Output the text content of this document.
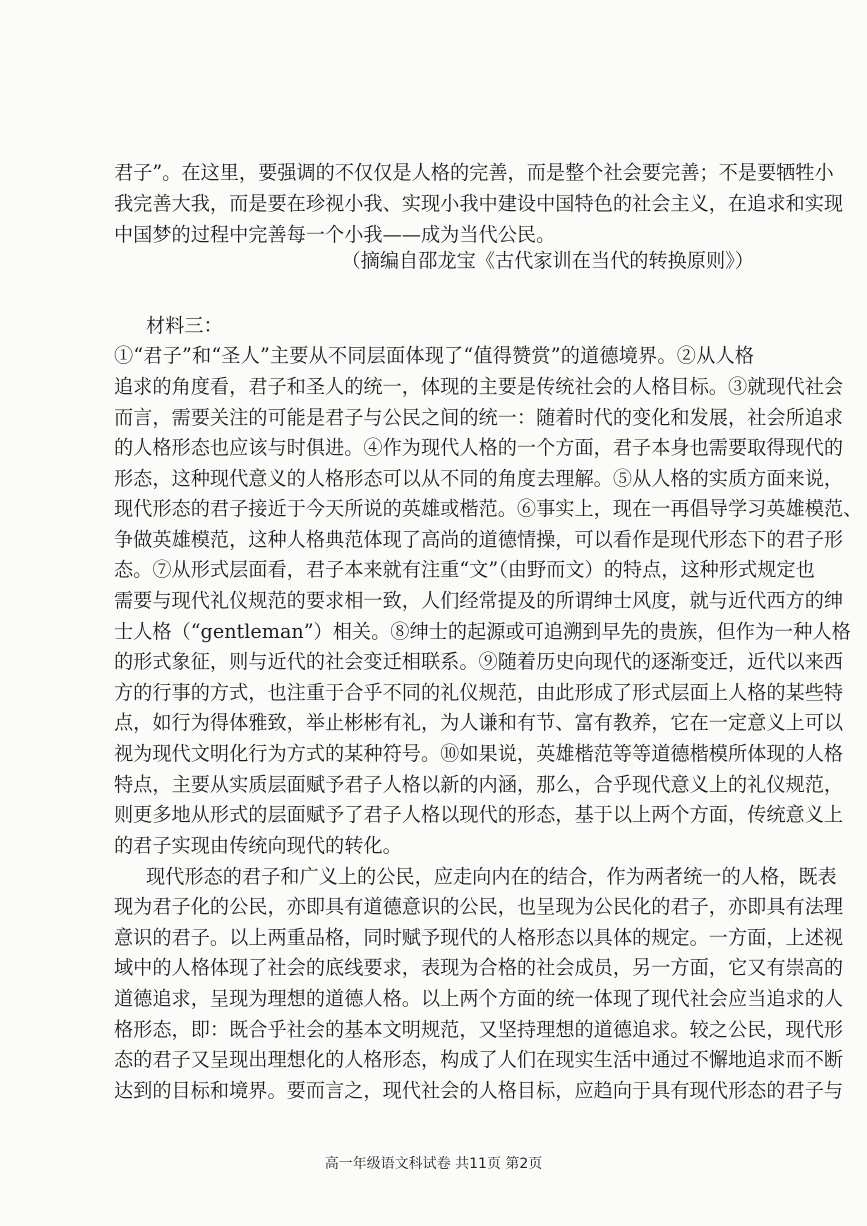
君子”。在这里，要强调的不仅仅是人格的完善，而是整个社会要完善；不是要牺牲小
我完善大我，而是要在珍视小我、实现小我中建设中国特色的社会主义，在追求和实现
中国梦的过程中完善每一个小我——成为当代公民。
（摘编自邵龙宝《古代家训在当代的转换原则》）
材料三：
①“君子”和“圣人”主要从不同层面体现了“值得赞赏”的道德境界。②从人格
追求的角度看，君子和圣人的统一，体现的主要是传统社会的人格目标。③就现代社会
而言，需要关注的可能是君子与公民之间的统一：随着时代的变化和发展，社会所追求
的人格形态也应该与时俱进。④作为现代人格的一个方面，君子本身也需要取得现代的
形态，这种现代意义的人格形态可以从不同的角度去理解。⑤从人格的实质方面来说，
现代形态的君子接近于今天所说的英雄或楷范。⑥事实上，现在一再倡导学习英雄模范、
争做英雄模范，这种人格典范体现了高尚的道德情操，可以看作是现代形态下的君子形
态。⑦从形式层面看，君子本来就有注重“文”（由野而文）的特点，这种形式规定也
需要与现代礼仪规范的要求相一致，人们经常提及的所谓绅士风度，就与近代西方的绅
士人格（“gentleman”）相关。⑧绅士的起源或可追溯到早先的贵族，但作为一种人格
的形式象征，则与近代的社会变迁相联系。⑨随着历史向现代的逐渐变迁，近代以来西
方的行事的方式，也注重于合乎不同的礼仪规范，由此形成了形式层面上人格的某些特
点，如行为得体雅致，举止彬彬有礼，为人谦和有节、富有教养，它在一定意义上可以
视为现代文明化行为方式的某种符号。⑩如果说，英雄楷范等等道德楷模所体现的人格
特点，主要从实质层面赋予君子人格以新的内涵，那么，合乎现代意义上的礼仪规范，
则更多地从形式的层面赋予了君子人格以现代的形态，基于以上两个方面，传统意义上
的君子实现由传统向现代的转化。
现代形态的君子和广义上的公民，应走向内在的结合，作为两者统一的人格，既表
现为君子化的公民，亦即具有道德意识的公民，也呈现为公民化的君子，亦即具有法理
意识的君子。以上两重品格，同时赋予现代的人格形态以具体的规定。一方面，上述视
域中的人格体现了社会的底线要求，表现为合格的社会成员，另一方面，它又有崇高的
道德追求，呈现为理想的道德人格。以上两个方面的统一体现了现代社会应当追求的人
格形态，即：既合乎社会的基本文明规范，又坚持理想的道德追求。较之公民，现代形
态的君子又呈现出理想化的人格形态，构成了人们在现实生活中通过不懈地追求而不断
达到的目标和境界。要而言之，现代社会的人格目标，应趋向于具有现代形态的君子与
高一年级语文科试卷 共11页 第2页
